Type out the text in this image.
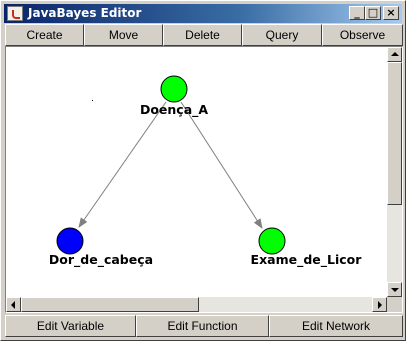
JavaBayes Editor	_ □ ×
Create	Move	Delete	Query	Observe
Doença_A
Dor_de_cabeça	Exame_de_Licor
Edit Variable	Edit Function	Edit Network
